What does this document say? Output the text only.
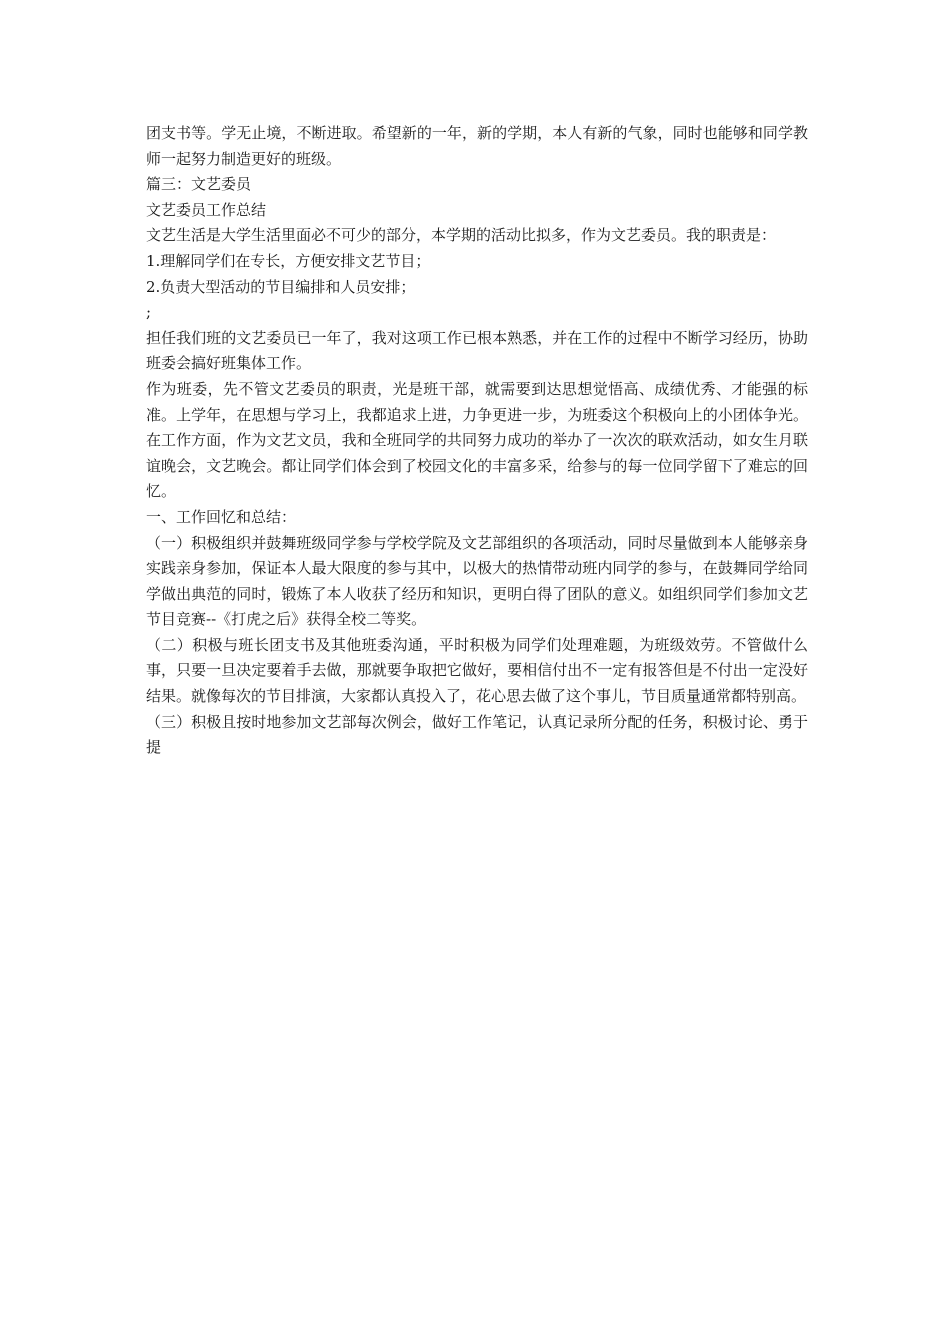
团支书等。学无止境，不断进取。希望新的一年，新的学期，本人有新的气象，同时也能够和同学教师一起努力制造更好的班级。

篇三：文艺委员

文艺委员工作总结

文艺生活是大学生活里面必不可少的部分，本学期的活动比拟多，作为文艺委员。我的职责是：

1.理解同学们在专长，方便安排文艺节目；

2.负责大型活动的节目编排和人员安排；

;

担任我们班的文艺委员已一年了，我对这项工作已根本熟悉，并在工作的过程中不断学习经历，协助班委会搞好班集体工作。

作为班委，先不管文艺委员的职责，光是班干部，就需要到达思想觉悟高、成绩优秀、才能强的标准。上学年，在思想与学习上，我都追求上进，力争更进一步，为班委这个积极向上的小团体争光。在工作方面，作为文艺文员，我和全班同学的共同努力成功的举办了一次次的联欢活动，如女生月联谊晚会，文艺晚会。都让同学们体会到了校园文化的丰富多采，给参与的每一位同学留下了难忘的回忆。

一、工作回忆和总结：

（一）积极组织并鼓舞班级同学参与学校学院及文艺部组织的各项活动，同时尽量做到本人能够亲身实践亲身参加，保证本人最大限度的参与其中，以极大的热情带动班内同学的参与，在鼓舞同学给同学做出典范的同时，锻炼了本人收获了经历和知识，更明白得了团队的意义。如组织同学们参加文艺节目竞赛--《打虎之后》获得全校二等奖。

（二）积极与班长团支书及其他班委沟通，平时积极为同学们处理难题，为班级效劳。不管做什么事，只要一旦决定要着手去做，那就要争取把它做好，要相信付出不一定有报答但是不付出一定没好结果。就像每次的节目排演，大家都认真投入了，花心思去做了这个事儿，节目质量通常都特别高。

（三）积极且按时地参加文艺部每次例会，做好工作笔记，认真记录所分配的任务，积极讨论、勇于提
